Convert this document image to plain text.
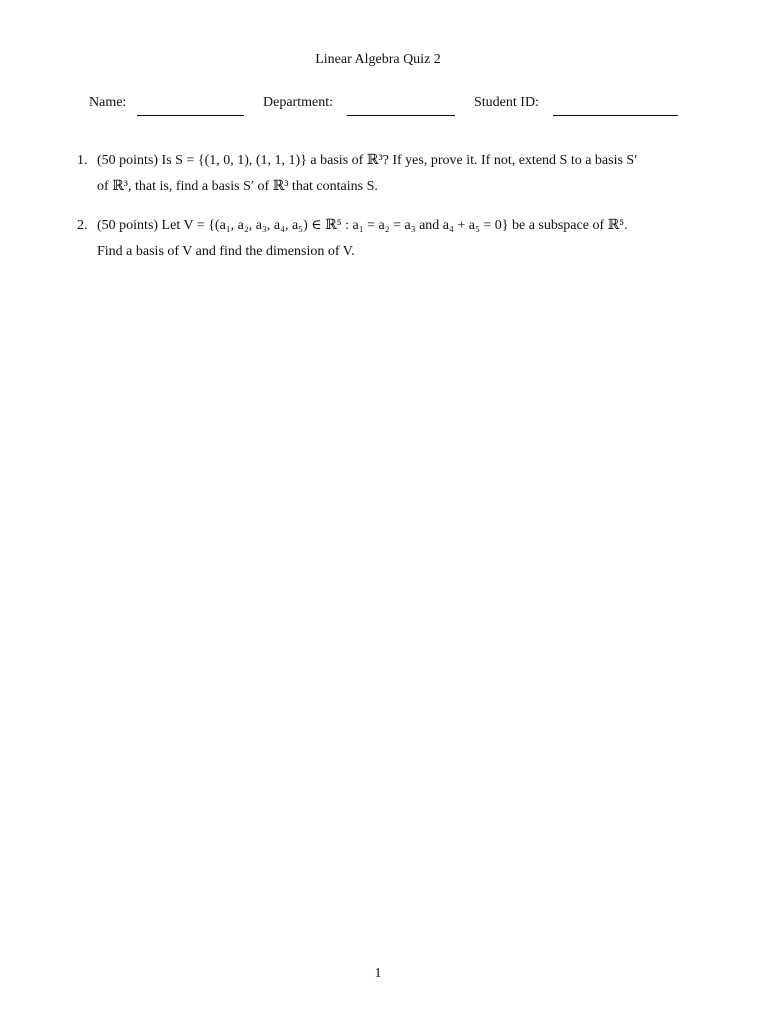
Linear Algebra Quiz 2
Name:	Department:	Student ID:
1. (50 points) Is S = {(1, 0, 1), (1, 1, 1)} a basis of ℝ³? If yes, prove it. If not, extend S to a basis S′
of ℝ³, that is, find a basis S′ of ℝ³ that contains S.
2. (50 points) Let V = {(a₁, a₂, a₃, a₄, a₅) ∈ ℝ⁵ : a₁ = a₂ = a₃ and a₄ + a₅ = 0} be a subspace of ℝ⁵.
Find a basis of V and find the dimension of V.
1
